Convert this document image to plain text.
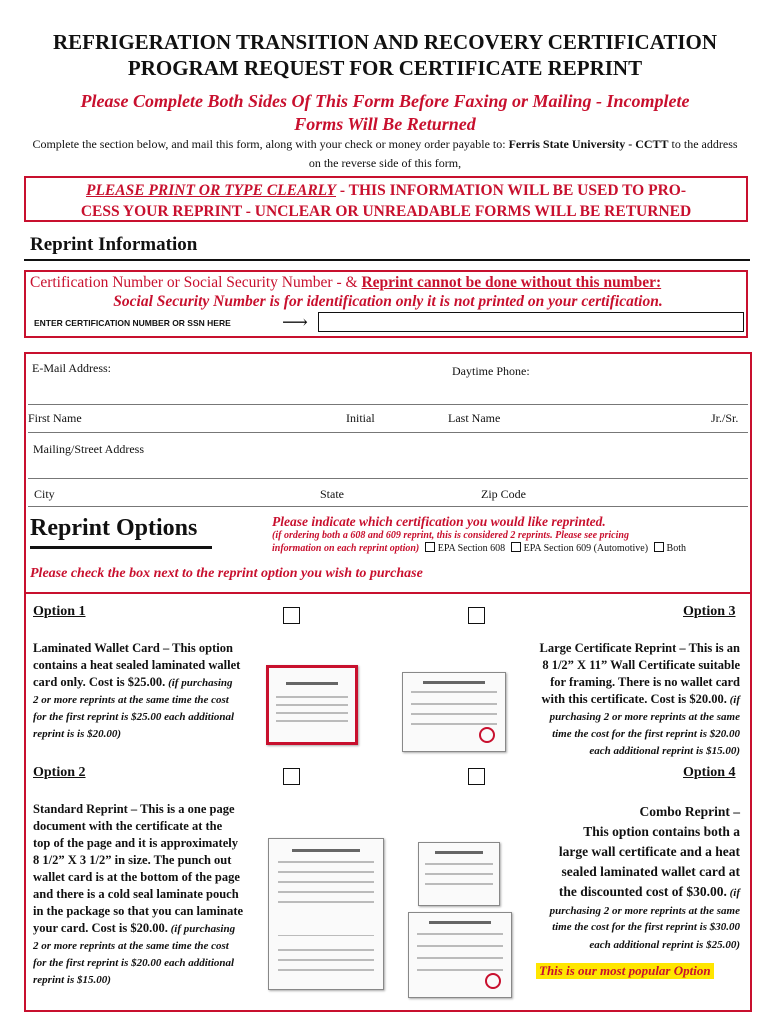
REFRIGERATION TRANSITION AND RECOVERY CERTIFICATION
PROGRAM REQUEST FOR CERTIFICATE REPRINT
Please Complete Both Sides Of This Form Before Faxing or Mailing - Incomplete
Forms Will Be Returned
Complete the section below, and mail this form, along with your check or money order payable to: Ferris State University - CCTT to the address
on the reverse side of this form,
PLEASE PRINT OR TYPE CLEARLY - THIS INFORMATION WILL BE USED TO PRO-
CESS YOUR REPRINT - UNCLEAR OR UNREADABLE FORMS WILL BE RETURNED
Reprint Information
Certification Number or Social Security Number - & Reprint cannot be done without this number:
Social Security Number is for identification only it is not printed on your certification.
ENTER CERTIFICATION NUMBER OR SSN HERE	⟶
E-Mail Address:	Daytime Phone:
First Name	Initial	Last Name	Jr./Sr.
Mailing/Street Address
City	State	Zip Code
Reprint Options	Please indicate which certification you would like reprinted.
(if ordering both a 608 and 609 reprint, this is considered 2 reprints. Please see pricing
information on each reprint option) EPA Section 608 EPA Section 609 (Automotive) Both
Please check the box next to the reprint option you wish to purchase
Option 1
Laminated Wallet Card – This option
contains a heat sealed laminated wallet
card only. Cost is $25.00. (if purchasing
2 or more reprints at the same time the cost
for the first reprint is $25.00 each additional
reprint is is $20.00)
Option 3
Large Certificate Reprint – This is an
8 1/2” X 11” Wall Certificate suitable
for framing. There is no wallet card
with this certificate. Cost is $20.00. (if
purchasing 2 or more reprints at the same
time the cost for the first reprint is $20.00
each additional reprint is $15.00)
Option 2
Standard Reprint – This is a one page
document with the certificate at the
top of the page and it is approximately
8 1/2” X 3 1/2” in size. The punch out
wallet card is at the bottom of the page
and there is a cold seal laminate pouch
in the package so that you can laminate
your card. Cost is $20.00. (if purchasing
2 or more reprints at the same time the cost
for the first reprint is $20.00 each additional
reprint is $15.00)
Option 4
Combo Reprint –
This option contains both a
large wall certificate and a heat
sealed laminated wallet card at
the discounted cost of $30.00. (if
purchasing 2 or more reprints at the same
time the cost for the first reprint is $30.00
each additional reprint is $25.00)
This is our most popular Option
